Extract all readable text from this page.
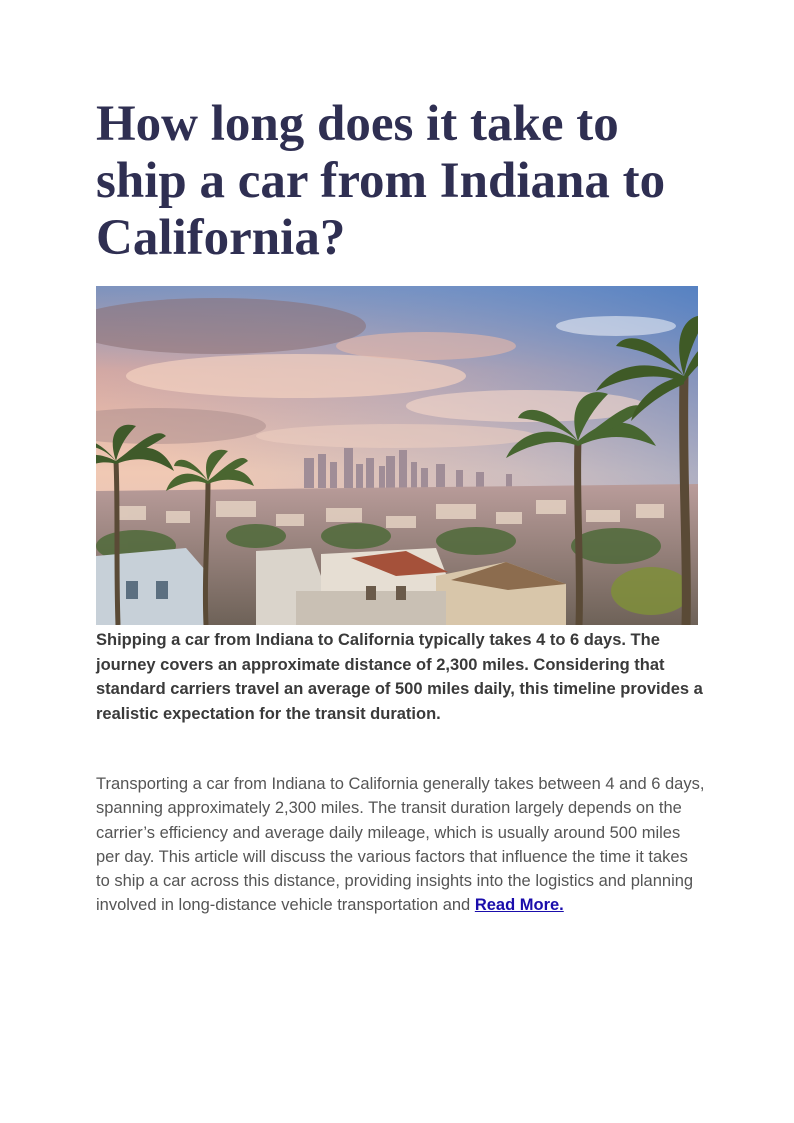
How long does it take to ship a car from Indiana to California?

Shipping a car from Indiana to California typically takes 4 to 6 days. The journey covers an approximate distance of 2,300 miles. Considering that standard carriers travel an average of 500 miles daily, this timeline provides a realistic expectation for the transit duration.

Transporting a car from Indiana to California generally takes between 4 and 6 days, spanning approximately 2,300 miles. The transit duration largely depends on the carrier’s efficiency and average daily mileage, which is usually around 500 miles per day. This article will discuss the various factors that influence the time it takes to ship a car across this distance, providing insights into the logistics and planning involved in long-distance vehicle transportation and Read More.
